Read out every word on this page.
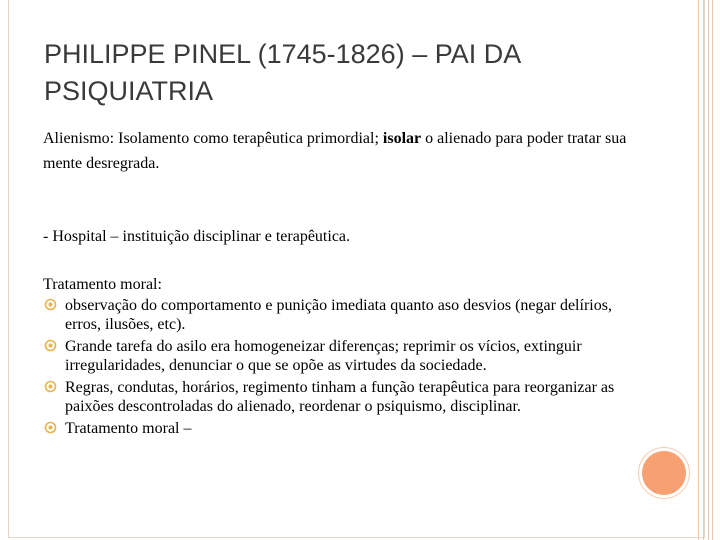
PHILIPPE PINEL (1745-1826) – PAI DA PSIQUIATRIA

Alienismo: Isolamento como terapêutica primordial; isolar o alienado para poder tratar sua mente desregrada.

- Hospital – instituição disciplinar e terapêutica.

Tratamento moral:

observação do comportamento e punição imediata quanto aso desvios (negar delírios, erros, ilusões, etc).
Grande tarefa do asilo era homogeneizar diferenças; reprimir os vícios, extinguir irregularidades, denunciar o que se opõe as virtudes da sociedade.
Regras, condutas, horários, regimento tinham a função terapêutica para reorganizar as paixões descontroladas do alienado, reordenar o psiquismo, disciplinar.
Tratamento moral –
